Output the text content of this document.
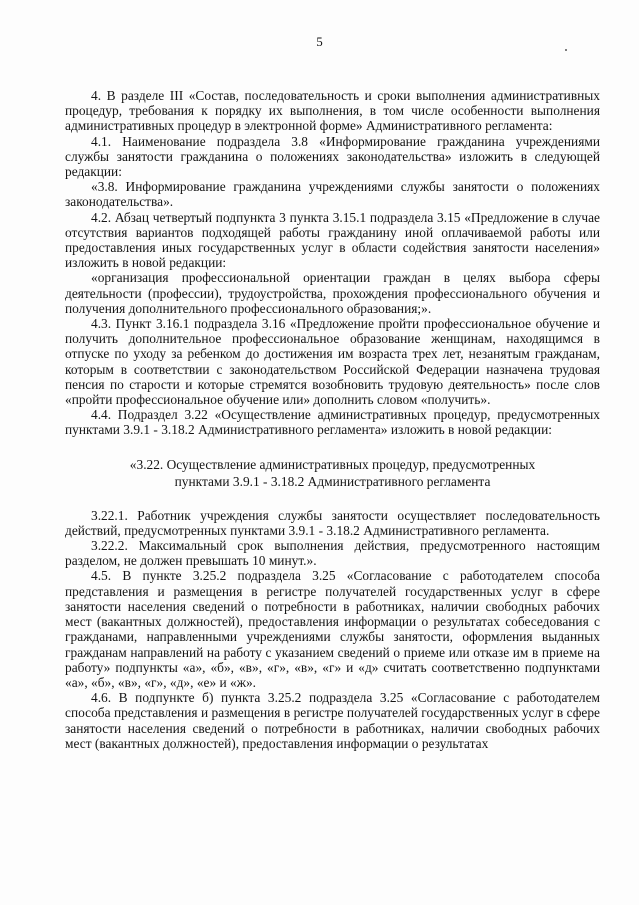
5

4. В разделе III «Состав, последовательность и сроки выполнения административных процедур, требования к порядку их выполнения, в том числе особенности выполнения административных процедур в электронной форме» Административного регламента:

4.1. Наименование подраздела 3.8 «Информирование гражданина учреждениями службы занятости гражданина о положениях законодательства» изложить в следующей редакции:

«3.8. Информирование гражданина учреждениями службы занятости о положениях законодательства».

4.2. Абзац четвертый подпункта 3 пункта 3.15.1 подраздела 3.15 «Предложение в случае отсутствия вариантов подходящей работы гражданину иной оплачиваемой работы или предоставления иных государственных услуг в области содействия занятости населения» изложить в новой редакции:

«организация профессиональной ориентации граждан в целях выбора сферы деятельности (профессии), трудоустройства, прохождения профессионального обучения и получения дополнительного профессионального образования;».

4.3. Пункт 3.16.1 подраздела 3.16 «Предложение пройти профессиональное обучение и получить дополнительное профессиональное образование женщинам, находящимся в отпуске по уходу за ребенком до достижения им возраста трех лет, незанятым гражданам, которым в соответствии с законодательством Российской Федерации назначена трудовая пенсия по старости и которые стремятся возобновить трудовую деятельность» после слов «пройти профессиональное обучение или» дополнить словом «получить».

4.4. Подраздел 3.22 «Осуществление административных процедур, предусмотренных пунктами 3.9.1 - 3.18.2 Административного регламента» изложить в новой редакции:

«3.22. Осуществление административных процедур, предусмотренных пунктами 3.9.1 - 3.18.2 Административного регламента

3.22.1. Работник учреждения службы занятости осуществляет последовательность действий, предусмотренных пунктами 3.9.1 - 3.18.2 Административного регламента.

3.22.2. Максимальный срок выполнения действия, предусмотренного настоящим разделом, не должен превышать 10 минут.».

4.5. В пункте 3.25.2 подраздела 3.25 «Согласование с работодателем способа представления и размещения в регистре получателей государственных услуг в сфере занятости населения сведений о потребности в работниках, наличии свободных рабочих мест (вакантных должностей), предоставления информации о результатах собеседования с гражданами, направленными учреждениями службы занятости, оформления выданных гражданам направлений на работу с указанием сведений о приеме или отказе им в приеме на работу» подпункты «а», «б», «в», «г», «в», «г» и «д» считать соответственно подпунктами «а», «б», «в», «г», «д», «е» и «ж».

4.6. В подпункте б) пункта 3.25.2 подраздела 3.25 «Согласование с работодателем способа представления и размещения в регистре получателей государственных услуг в сфере занятости населения сведений о потребности в работниках, наличии свободных рабочих мест (вакантных должностей), предоставления информации о результатах
